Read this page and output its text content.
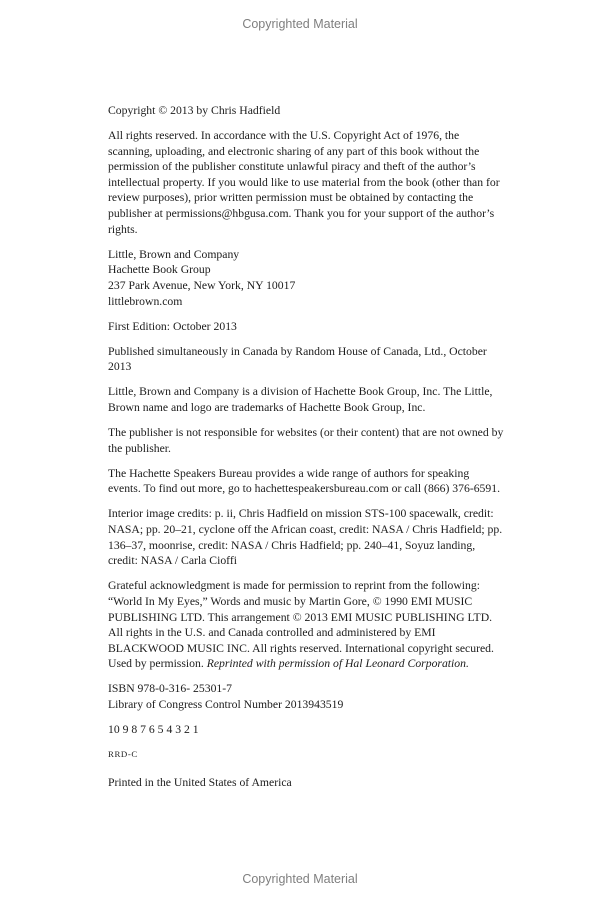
Copyrighted Material

Copyright © 2013 by Chris Hadfield

All rights reserved. In accordance with the U.S. Copyright Act of 1976, the scanning, uploading, and electronic sharing of any part of this book without the permission of the publisher constitute unlawful piracy and theft of the author’s intellectual property. If you would like to use material from the book (other than for review purposes), prior written permission must be obtained by contacting the publisher at permissions@hbgusa.com. Thank you for your support of the author’s rights.

Little, Brown and Company
Hachette Book Group
237 Park Avenue, New York, NY 10017
littlebrown.com

First Edition: October 2013

Published simultaneously in Canada by Random House of Canada, Ltd., October 2013

Little, Brown and Company is a division of Hachette Book Group, Inc. The Little, Brown name and logo are trademarks of Hachette Book Group, Inc.

The publisher is not responsible for websites (or their content) that are not owned by the publisher.

The Hachette Speakers Bureau provides a wide range of authors for speaking events. To find out more, go to hachettespeakersbureau.com or call (866) 376-6591.

Interior image credits: p. ii, Chris Hadfield on mission STS-100 spacewalk, credit: NASA; pp. 20–21, cyclone off the African coast, credit: NASA / Chris Hadfield; pp. 136–37, moonrise, credit: NASA / Chris Hadfield; pp. 240–41, Soyuz landing, credit: NASA / Carla Cioffi

Grateful acknowledgment is made for permission to reprint from the following: “World In My Eyes,” Words and music by Martin Gore, © 1990 EMI MUSIC PUBLISHING LTD. This arrangement © 2013 EMI MUSIC PUBLISHING LTD. All rights in the U.S. and Canada controlled and administered by EMI BLACKWOOD MUSIC INC. All rights reserved. International copyright secured. Used by permission. Reprinted with permission of Hal Leonard Corporation.

ISBN 978-0-316- 25301-7
Library of Congress Control Number 2013943519

10 9 8 7 6 5 4 3 2 1

RRD-C

Printed in the United States of America

Copyrighted Material
